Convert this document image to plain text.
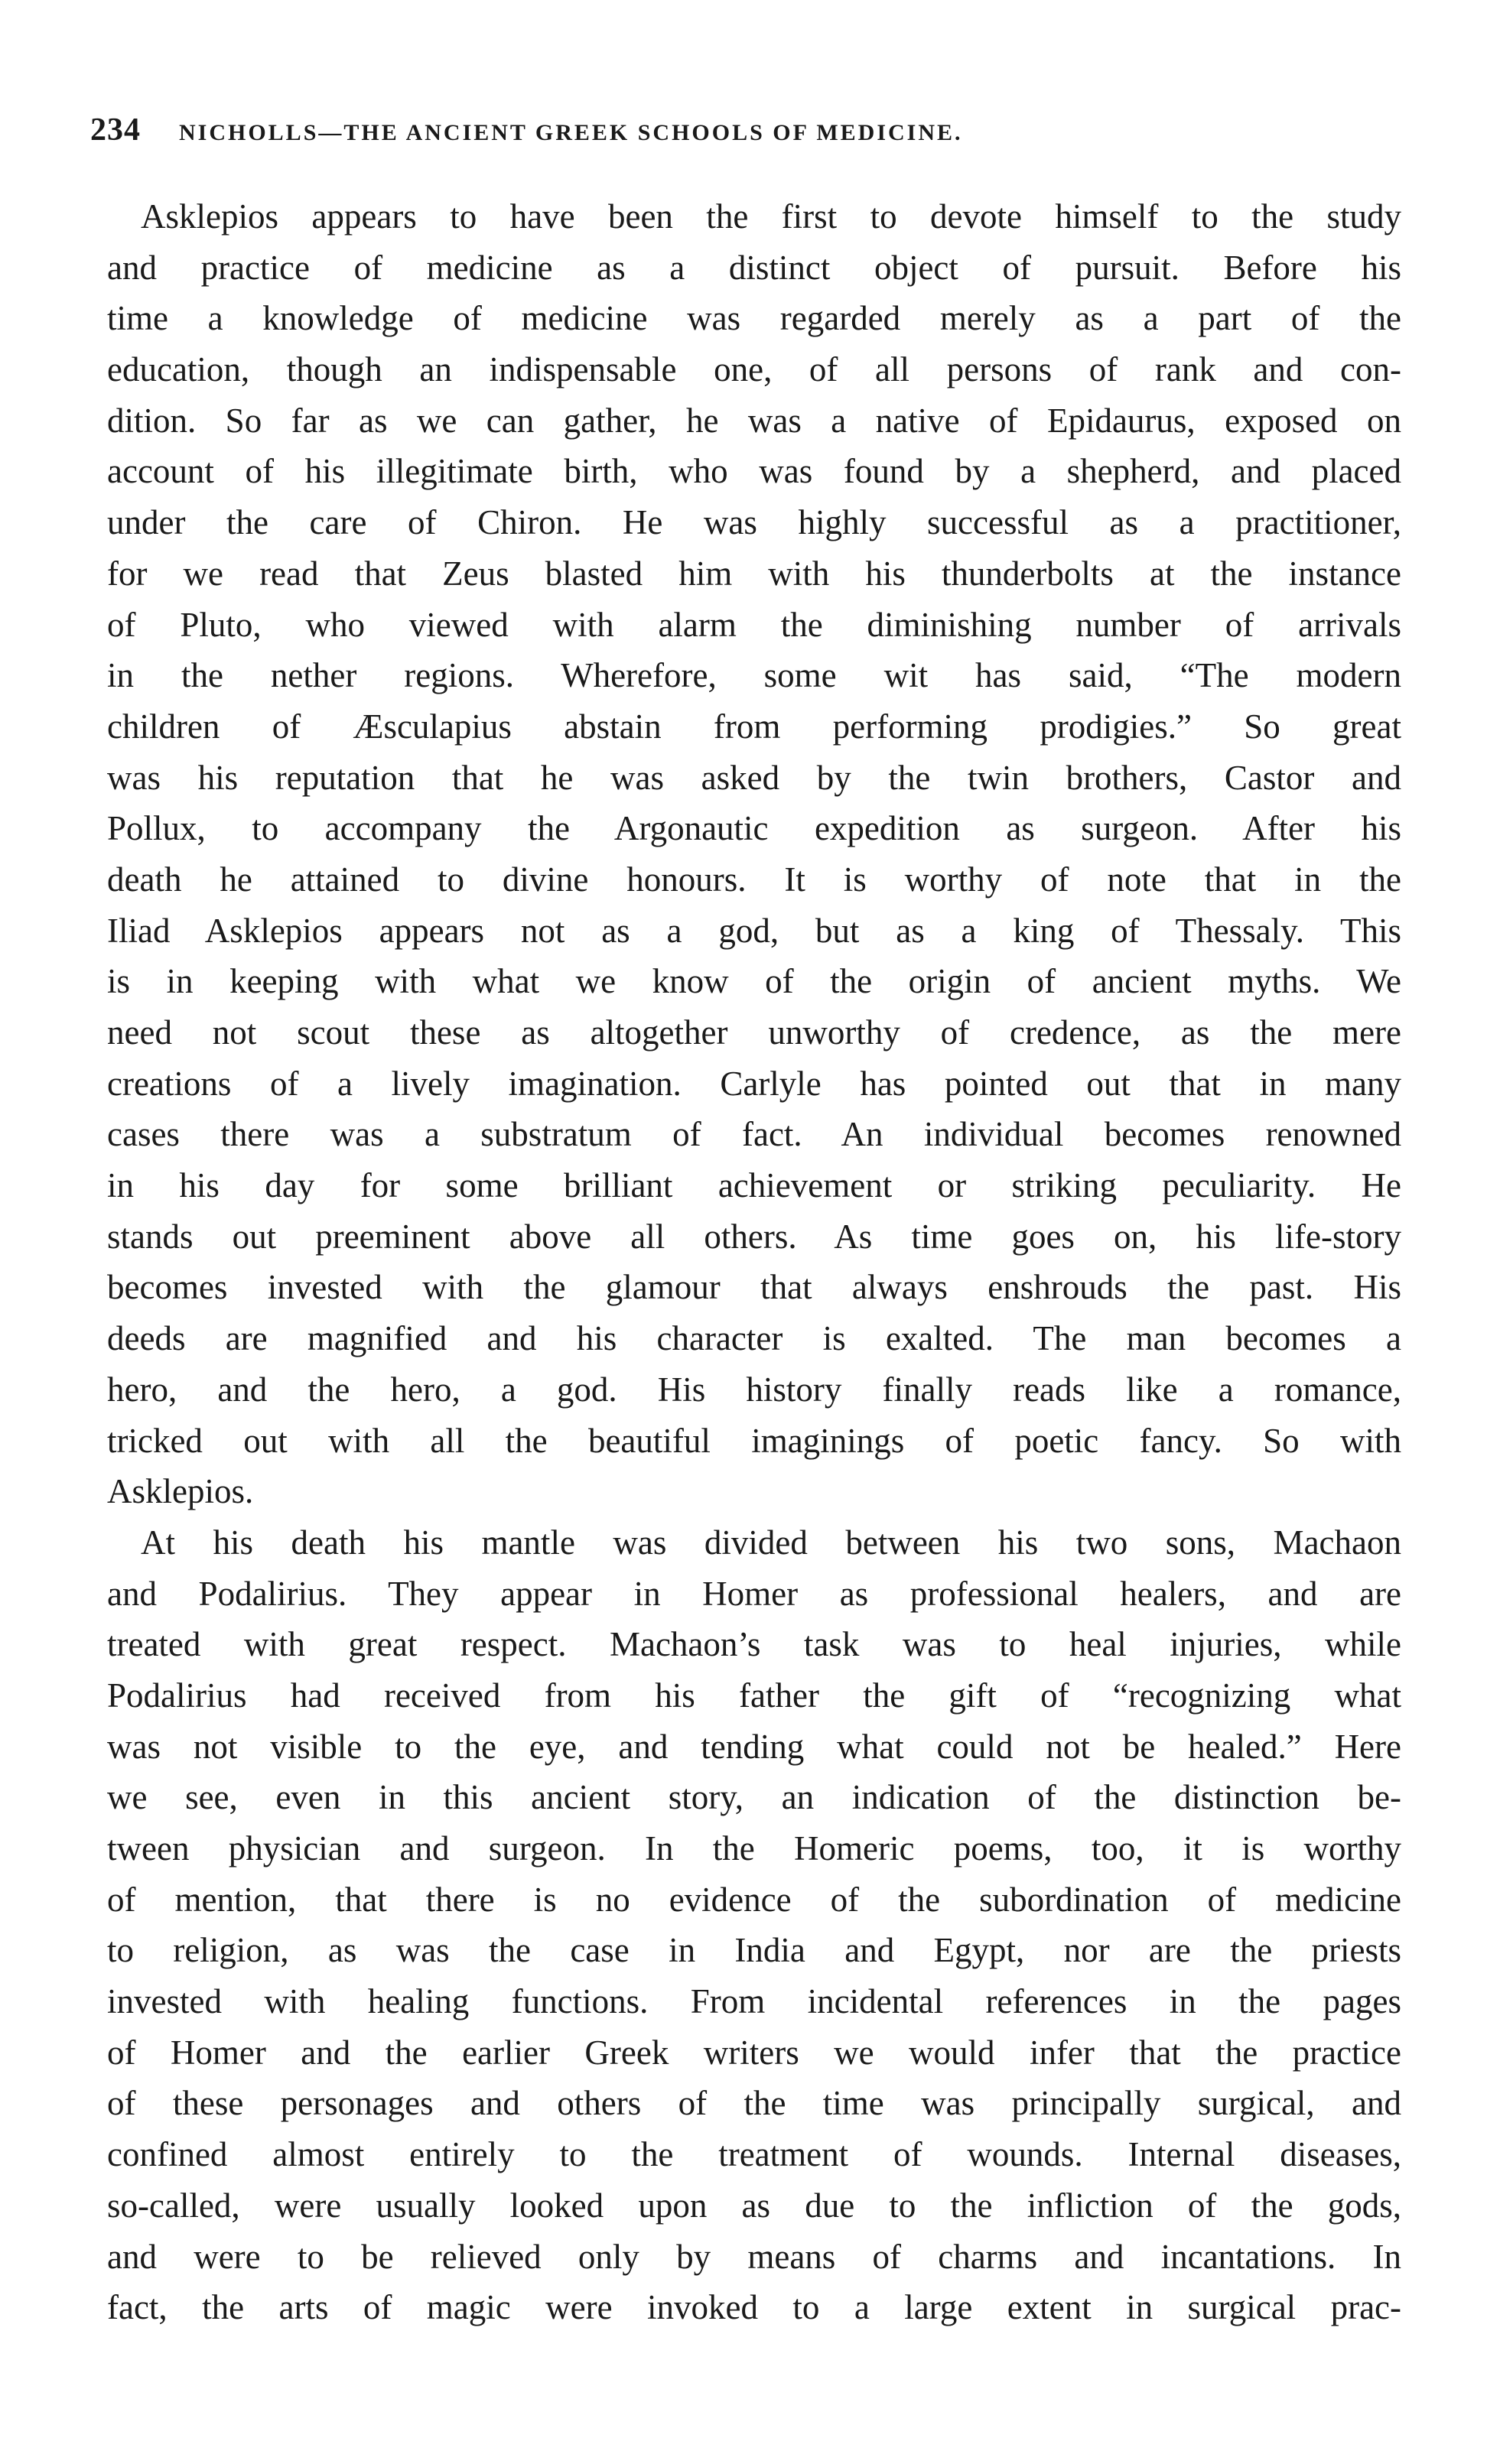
234 NICHOLLS—THE ANCIENT GREEK SCHOOLS OF MEDICINE.
Asklepios appears to have been the first to devote himself to the study
and practice of medicine as a distinct object of pursuit. Before his
time a knowledge of medicine was regarded merely as a part of the
education, though an indispensable one, of all persons of rank and con-
dition. So far as we can gather, he was a native of Epidaurus, exposed on
account of his illegitimate birth, who was found by a shepherd, and placed
under the care of Chiron. He was highly successful as a practitioner,
for we read that Zeus blasted him with his thunderbolts at the instance
of Pluto, who viewed with alarm the diminishing number of arrivals
in the nether regions. Wherefore, some wit has said, “The modern
children of Æsculapius abstain from performing prodigies.” So great
was his reputation that he was asked by the twin brothers, Castor and
Pollux, to accompany the Argonautic expedition as surgeon. After his
death he attained to divine honours. It is worthy of note that in the
Iliad Asklepios appears not as a god, but as a king of Thessaly. This
is in keeping with what we know of the origin of ancient myths. We
need not scout these as altogether unworthy of credence, as the mere
creations of a lively imagination. Carlyle has pointed out that in many
cases there was a substratum of fact. An individual becomes renowned
in his day for some brilliant achievement or striking peculiarity. He
stands out preeminent above all others. As time goes on, his life-story
becomes invested with the glamour that always enshrouds the past. His
deeds are magnified and his character is exalted. The man becomes a
hero, and the hero, a god. His history finally reads like a romance,
tricked out with all the beautiful imaginings of poetic fancy. So with
Asklepios.
At his death his mantle was divided between his two sons, Machaon
and Podalirius. They appear in Homer as professional healers, and are
treated with great respect. Machaon’s task was to heal injuries, while
Podalirius had received from his father the gift of “recognizing what
was not visible to the eye, and tending what could not be healed.” Here
we see, even in this ancient story, an indication of the distinction be-
tween physician and surgeon. In the Homeric poems, too, it is worthy
of mention, that there is no evidence of the subordination of medicine
to religion, as was the case in India and Egypt, nor are the priests
invested with healing functions. From incidental references in the pages
of Homer and the earlier Greek writers we would infer that the practice
of these personages and others of the time was principally surgical, and
confined almost entirely to the treatment of wounds. Internal diseases,
so-called, were usually looked upon as due to the infliction of the gods,
and were to be relieved only by means of charms and incantations. In
fact, the arts of magic were invoked to a large extent in surgical prac-
